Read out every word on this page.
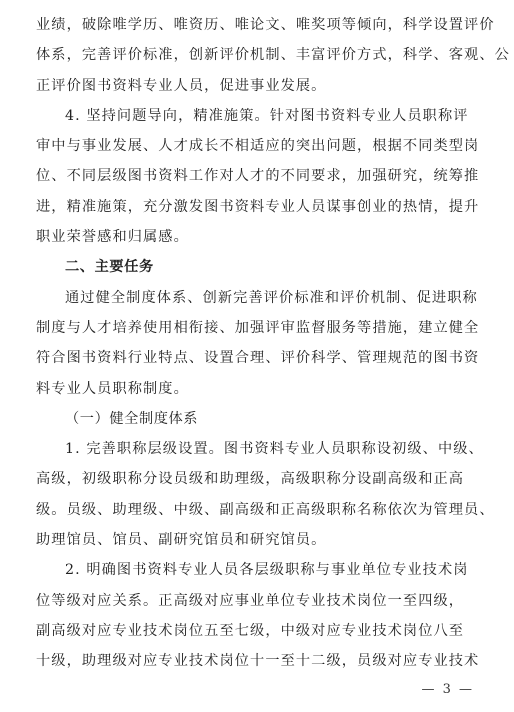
业绩，破除唯学历、唯资历、唯论文、唯奖项等倾向，科学设置评价
体系，完善评价标准，创新评价机制、丰富评价方式，科学、客观、公
正评价图书资料专业人员，促进事业发展。
4. 坚持问题导向，精准施策。针对图书资料专业人员职称评
审中与事业发展、人才成长不相适应的突出问题，根据不同类型岗
位、不同层级图书资料工作对人才的不同要求，加强研究，统筹推
进，精准施策，充分激发图书资料专业人员谋事创业的热情，提升
职业荣誉感和归属感。
二、主要任务
通过健全制度体系、创新完善评价标准和评价机制、促进职称
制度与人才培养使用相衔接、加强评审监督服务等措施，建立健全
符合图书资料行业特点、设置合理、评价科学、管理规范的图书资
料专业人员职称制度。
（一）健全制度体系
1. 完善职称层级设置。图书资料专业人员职称设初级、中级、
高级，初级职称分设员级和助理级，高级职称分设副高级和正高
级。员级、助理级、中级、副高级和正高级职称名称依次为管理员、
助理馆员、馆员、副研究馆员和研究馆员。
2. 明确图书资料专业人员各层级职称与事业单位专业技术岗
位等级对应关系。正高级对应事业单位专业技术岗位一至四级，
副高级对应专业技术岗位五至七级，中级对应专业技术岗位八至
十级，助理级对应专业技术岗位十一至十二级，员级对应专业技术
— 3 —
